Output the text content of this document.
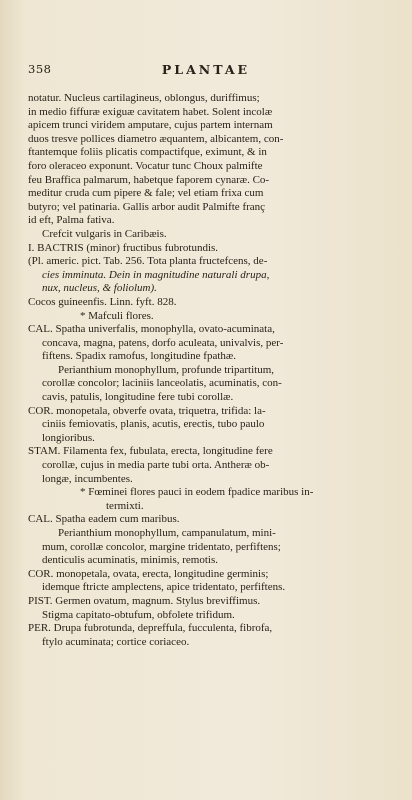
358	PLANTAE
notatur. Nucleus cartilagineus, oblongus, duriffimus;
in medio fiffuræ exiguæ cavitatem habet. Solent incolæ
apicem trunci viridem amputare, cujus partem internam
duos tresve pollices diametro æquantem, albicantem, con-
ftantemque foliis plicatis compactifque, eximunt, & in
foro oleraceo exponunt. Vocatur tunc Choux palmifte
feu Braffica palmarum, habetque faporem cynaræ. Co-
meditur cruda cum pipere & fale; vel etiam frixa cum
butyro; vel patinaria. Gallis arbor audit Palmifte franç
id eft, Palma fativa.
Crefcit vulgaris in Caribæis.
I. BACTRIS (minor) fructibus fubrotundis.
(Pl. americ. pict. Tab. 256. Tota planta fructefcens, de-
cies imminuta. Dein in magnitudine naturali drupa,
nux, nucleus, & foliolum).
Cocos guineenfis. Linn. fyft. 828.
* Mafculi flores.
CAL. Spatha univerfalis, monophylla, ovato-acuminata,
concava, magna, patens, dorfo aculeata, univalvis, per-
fiftens. Spadix ramofus, longitudine fpathæ.
Perianthium monophyllum, profunde tripartitum,
corollæ concolor; laciniis lanceolatis, acuminatis, con-
cavis, patulis, longitudine fere tubi corollæ.
COR. monopetala, obverfe ovata, triquetra, trifida: la-
ciniis femiovatis, planis, acutis, erectis, tubo paulo
longioribus.
STAM. Filamenta fex, fubulata, erecta, longitudine fere
corollæ, cujus in media parte tubi orta. Antheræ ob-
longæ, incumbentes.
* Fœminei flores pauci in eodem fpadice maribus in-
termixti.
CAL. Spatha eadem cum maribus.
Perianthium monophyllum, campanulatum, mini-
mum, corollæ concolor, margine tridentato, perfiftens;
denticulis acuminatis, minimis, remotis.
COR. monopetala, ovata, erecta, longitudine germinis;
idemque ftricte amplectens, apice tridentato, perfiftens.
PIST. Germen ovatum, magnum. Stylus breviffimus.
Stigma capitato-obtufum, obfolete trifidum.
PER. Drupa fubrotunda, depreffula, fucculenta, fibrofa,
ftylo acuminata; cortice coriaceo.
